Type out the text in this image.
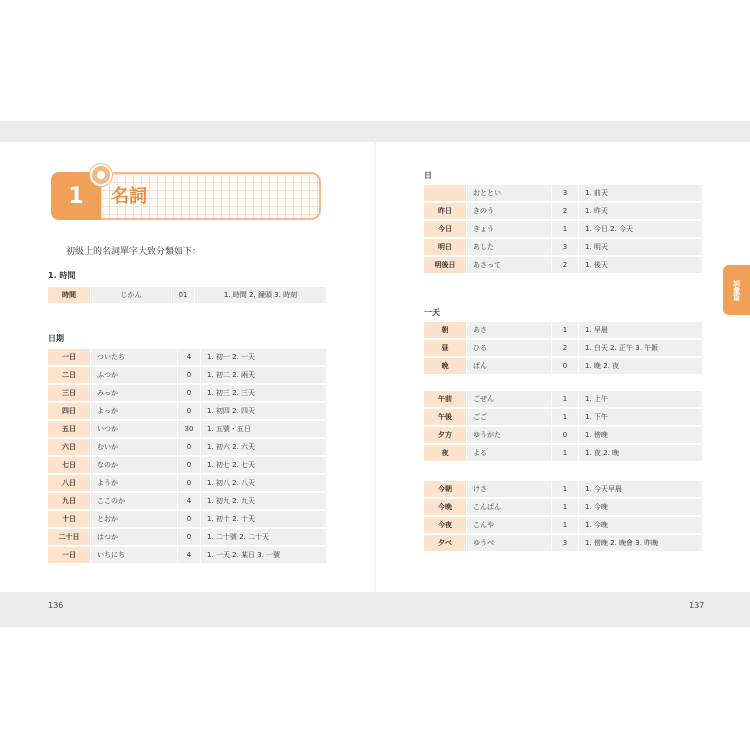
1	名詞
初級上的名詞單字大致分類如下：
1. 時間
時間	じかん	01	1. 時間 2. 鐘頭 3. 時刻
日期
一日	ついたち	4	1. 初一 2. 一天
二日	ふつか	0	1. 初二 2. 兩天
三日	みっか	0	1. 初三 2. 三天
四日	よっか	0	1. 初四 2. 四天
五日	いつか	30	1. 五號・五日
六日	むいか	0	1. 初六 2. 六天
七日	なのか	0	1. 初七 2. 七天
八日	ようか	0	1. 初八 2. 八天
九日	ここのか	4	1. 初九 2. 九天
十日	とおか	0	1. 初十 2. 十天
二十日	はつか	0	1. 二十號 2. 二十天
一日	いちにち	4	1. 一天 2. 某日 3. 一號
136
日
	おととい	3	1. 前天
昨日	きのう	2	1. 昨天
今日	きょう	1	1. 今日 2. 今天
明日	あした	3	1. 明天
明後日	あさって	2	1. 後天
一天
朝	あさ	1	1. 早晨
昼	ひる	2	1. 白天 2. 正午 3. 午飯
晩	ばん	0	1. 晚 2. 夜
午前	ごぜん	1	1. 上午
午後	ごご	1	1. 下午
夕方	ゆうがた	0	1. 傍晚
夜	よる	1	1. 夜 2. 晚
今朝	けさ	1	1. 今天早晨
今晩	こんばん	1	1. 今晚
今夜	こんや	1	1. 今晚
夕べ	ゆうべ	3	1. 傍晚 2. 晚會 3. 昨晚
137
詞彙篇
